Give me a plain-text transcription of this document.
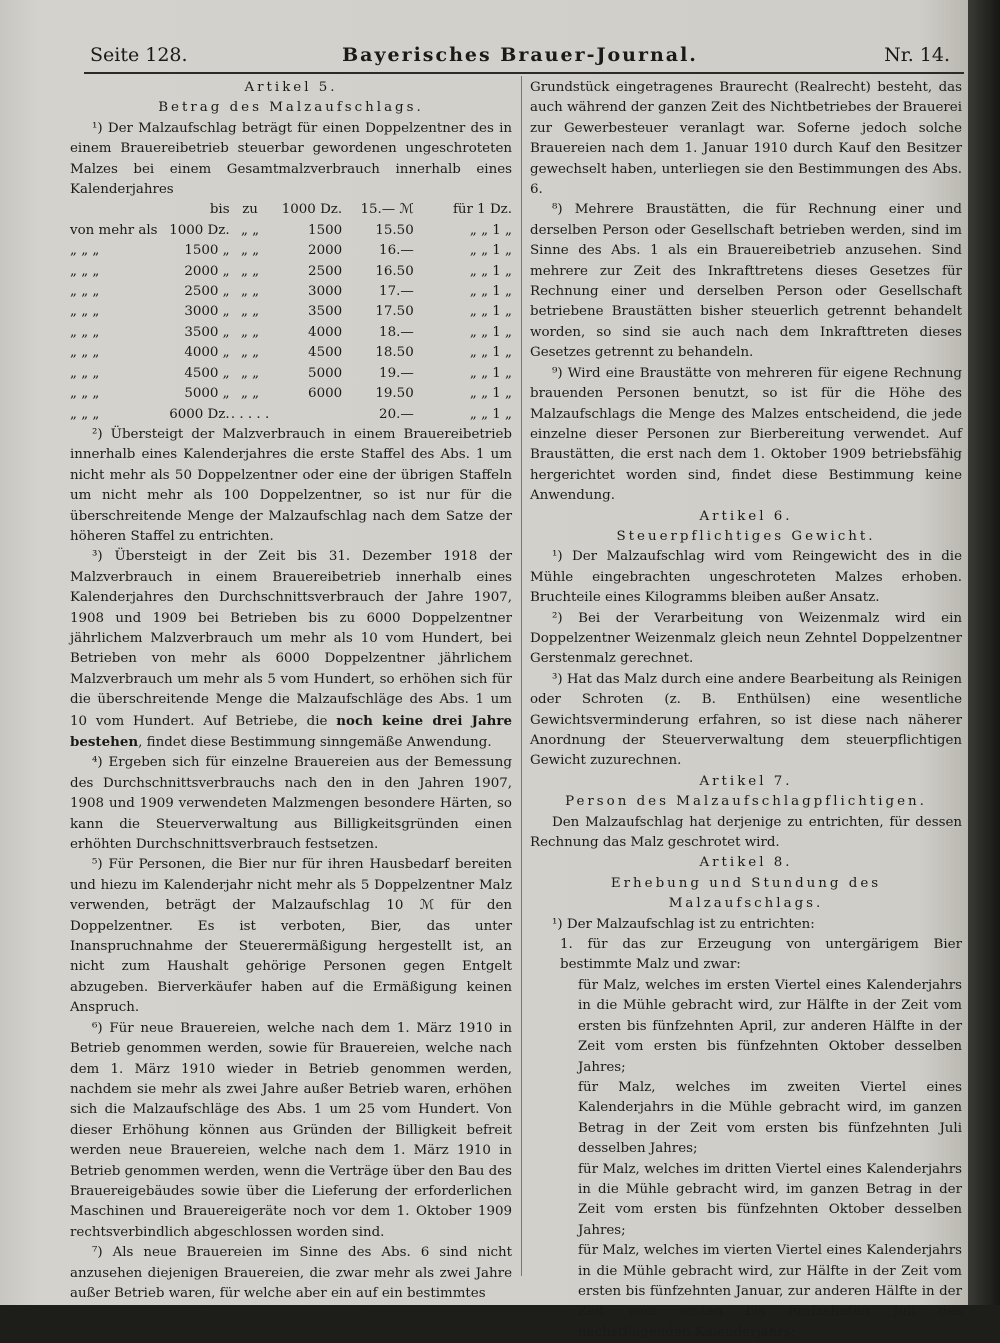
Seite 128.	Bayerisches Brauer-Journal.	Nr. 14.

Artikel 5.

Betrag des Malzaufschlags.

¹) Der Malzaufschlag beträgt für einen Doppelzentner des in einem Brauereibetrieb steuerbar gewordenen ungeschroteten Malzes bei einem Gesamtmalzverbrauch innerhalb eines Kalenderjahres

	bis	zu	1000 Dz.	15.— ℳ	für 1 Dz.
von mehr als	1000 Dz.	„ „	1500	15.50	„ „ 1 „
„ „ „	1500 „	„ „	2000	16.—	„ „ 1 „
„ „ „	2000 „	„ „	2500	16.50	„ „ 1 „
„ „ „	2500 „	„ „	3000	17.—	„ „ 1 „
„ „ „	3000 „	„ „	3500	17.50	„ „ 1 „
„ „ „	3500 „	„ „	4000	18.—	„ „ 1 „
„ „ „	4000 „	„ „	4500	18.50	„ „ 1 „
„ „ „	4500 „	„ „	5000	19.—	„ „ 1 „
„ „ „	5000 „	„ „	6000	19.50	„ „ 1 „
„ „ „	6000 Dz.	. . . . .		20.—	„ „ 1 „

²) Übersteigt der Malzverbrauch in einem Brauereibetrieb innerhalb eines Kalenderjahres die erste Staffel des Abs. 1 um nicht mehr als 50 Doppelzentner oder eine der übrigen Staffeln um nicht mehr als 100 Doppelzentner, so ist nur für die überschreitende Menge der Malzaufschlag nach dem Satze der höheren Staffel zu entrichten.

³) Übersteigt in der Zeit bis 31. Dezember 1918 der Malzverbrauch in einem Brauereibetrieb innerhalb eines Kalenderjahres den Durchschnittsverbrauch der Jahre 1907, 1908 und 1909 bei Betrieben bis zu 6000 Doppelzentner jährlichem Malzverbrauch um mehr als 10 vom Hundert, bei Betrieben von mehr als 6000 Doppelzentner jährlichem Malzverbrauch um mehr als 5 vom Hundert, so erhöhen sich für die überschreitende Menge die Malzaufschläge des Abs. 1 um 10 vom Hundert. Auf Betriebe, die noch keine drei Jahre bestehen, findet diese Bestimmung sinngemäße Anwendung.

⁴) Ergeben sich für einzelne Brauereien aus der Bemessung des Durchschnittsverbrauchs nach den in den Jahren 1907, 1908 und 1909 verwendeten Malzmengen besondere Härten, so kann die Steuerverwaltung aus Billigkeitsgründen einen erhöhten Durchschnittsverbrauch festsetzen.

⁵) Für Personen, die Bier nur für ihren Hausbedarf bereiten und hiezu im Kalenderjahr nicht mehr als 5 Doppelzentner Malz verwenden, beträgt der Malzaufschlag 10 ℳ für den Doppelzentner. Es ist verboten, Bier, das unter Inanspruchnahme der Steuerermäßigung hergestellt ist, an nicht zum Haushalt gehörige Personen gegen Entgelt abzugeben. Bierverkäufer haben auf die Ermäßigung keinen Anspruch.

⁶) Für neue Brauereien, welche nach dem 1. März 1910 in Betrieb genommen werden, sowie für Brauereien, welche nach dem 1. März 1910 wieder in Betrieb genommen werden, nachdem sie mehr als zwei Jahre außer Betrieb waren, erhöhen sich die Malzaufschläge des Abs. 1 um 25 vom Hundert. Von dieser Erhöhung können aus Gründen der Billigkeit befreit werden neue Brauereien, welche nach dem 1. März 1910 in Betrieb genommen werden, wenn die Verträge über den Bau des Brauereigebäudes sowie über die Lieferung der erforderlichen Maschinen und Brauereigeräte noch vor dem 1. Oktober 1909 rechtsverbindlich abgeschlossen worden sind.

⁷) Als neue Brauereien im Sinne des Abs. 6 sind nicht anzusehen diejenigen Brauereien, die zwar mehr als zwei Jahre außer Betrieb waren, für welche aber ein auf ein bestimmtes

Grundstück eingetragenes Braurecht (Realrecht) besteht, das auch während der ganzen Zeit des Nichtbetriebes der Brauerei zur Gewerbesteuer veranlagt war. Soferne jedoch solche Brauereien nach dem 1. Januar 1910 durch Kauf den Besitzer gewechselt haben, unterliegen sie den Bestimmungen des Abs. 6.

⁸) Mehrere Braustätten, die für Rechnung einer und derselben Person oder Gesellschaft betrieben werden, sind im Sinne des Abs. 1 als ein Brauereibetrieb anzusehen. Sind mehrere zur Zeit des Inkrafttretens dieses Gesetzes für Rechnung einer und derselben Person oder Gesellschaft betriebene Braustätten bisher steuerlich getrennt behandelt worden, so sind sie auch nach dem Inkrafttreten dieses Gesetzes getrennt zu behandeln.

⁹) Wird eine Braustätte von mehreren für eigene Rechnung brauenden Personen benutzt, so ist für die Höhe des Malzaufschlags die Menge des Malzes entscheidend, die jede einzelne dieser Personen zur Bierbereitung verwendet. Auf Braustätten, die erst nach dem 1. Oktober 1909 betriebsfähig hergerichtet worden sind, findet diese Bestimmung keine Anwendung.

Artikel 6.

Steuerpflichtiges Gewicht.

¹) Der Malzaufschlag wird vom Reingewicht des in die Mühle eingebrachten ungeschroteten Malzes erhoben. Bruchteile eines Kilogramms bleiben außer Ansatz.

²) Bei der Verarbeitung von Weizenmalz wird ein Doppelzentner Weizenmalz gleich neun Zehntel Doppelzentner Gerstenmalz gerechnet.

³) Hat das Malz durch eine andere Bearbeitung als Reinigen oder Schroten (z. B. Enthülsen) eine wesentliche Gewichtsverminderung erfahren, so ist diese nach näherer Anordnung der Steuerverwaltung dem steuerpflichtigen Gewicht zuzurechnen.

Artikel 7.

Person des Malzaufschlagpflichtigen.

Den Malzaufschlag hat derjenige zu entrichten, für dessen Rechnung das Malz geschrotet wird.

Artikel 8.

Erhebung und Stundung des Malzaufschlags.

¹) Der Malzaufschlag ist zu entrichten:

1. für das zur Erzeugung von untergärigem Bier bestimmte Malz und zwar:

für Malz, welches im ersten Viertel eines Kalenderjahrs in die Mühle gebracht wird, zur Hälfte in der Zeit vom ersten bis fünfzehnten April, zur anderen Hälfte in der Zeit vom ersten bis fünfzehnten Oktober desselben Jahres;

für Malz, welches im zweiten Viertel eines Kalenderjahrs in die Mühle gebracht wird, im ganzen Betrag in der Zeit vom ersten bis fünfzehnten Juli desselben Jahres;

für Malz, welches im dritten Viertel eines Kalenderjahrs in die Mühle gebracht wird, im ganzen Betrag in der Zeit vom ersten bis fünfzehnten Oktober desselben Jahres;

für Malz, welches im vierten Viertel eines Kalenderjahrs in die Mühle gebracht wird, zur Hälfte in der Zeit vom ersten bis fünfzehnten Januar, zur anderen Hälfte in der Zeit vom ersten bis fünfzehnten Juli des nächstfolgenden Kalenderjahrs;
